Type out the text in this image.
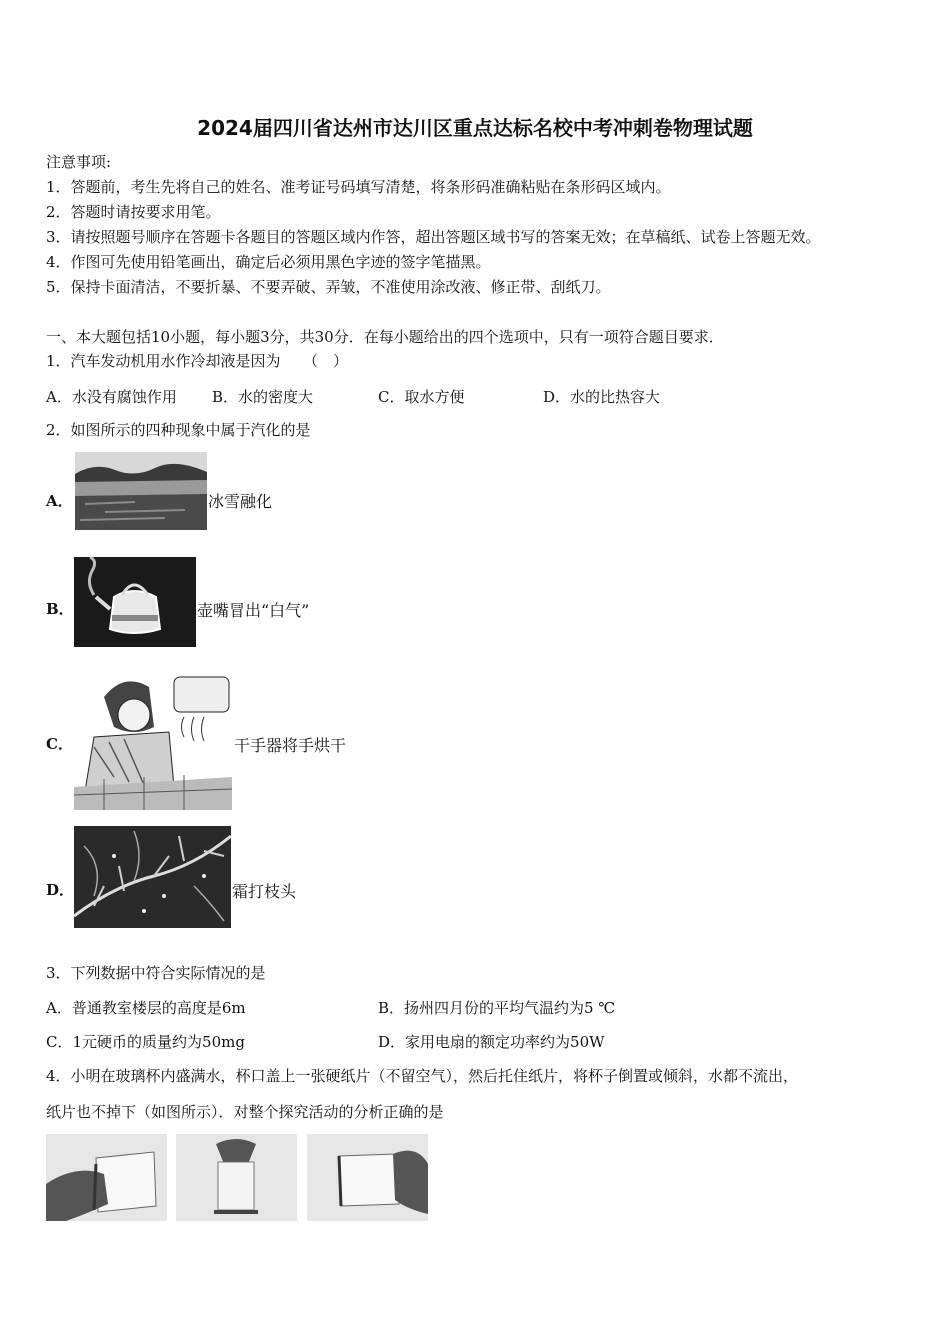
2024届四川省达州市达川区重点达标名校中考冲刺卷物理试题
注意事项:
1．答题前，考生先将自己的姓名、准考证号码填写清楚，将条形码准确粘贴在条形码区域内。
2．答题时请按要求用笔。
3．请按照题号顺序在答题卡各题目的答题区域内作答，超出答题区域书写的答案无效；在草稿纸、试卷上答题无效。
4．作图可先使用铅笔画出，确定后必须用黑色字迹的签字笔描黑。
5．保持卡面清洁，不要折暴、不要弄破、弄皱，不准使用涂改液、修正带、刮纸刀。
一、本大题包括10小题，每小题3分，共30分．在每小题给出的四个选项中，只有一项符合题目要求．
1．汽车发动机用水作冷却液是因为　　（　）
A．水没有腐蚀作用 B．水的密度大	C．取水方便	D．水的比热容大
2．如图所示的四种现象中属于汽化的是
A．	冰雪融化
B．	壶嘴冒出“白气”
C．	干手器将手烘干
D．	霜打枝头
3．下列数据中符合实际情况的是
A．普通教室楼层的高度是6m	B．扬州四月份的平均气温约为5 ℃
C．1元硬币的质量约为50mg	D．家用电扇的额定功率约为50W
4．小明在玻璃杯内盛满水，杯口盖上一张硬纸片（不留空气），然后托住纸片，将杯子倒置或倾斜，水都不流出，
纸片也不掉下（如图所示）．对整个探究活动的分析正确的是
